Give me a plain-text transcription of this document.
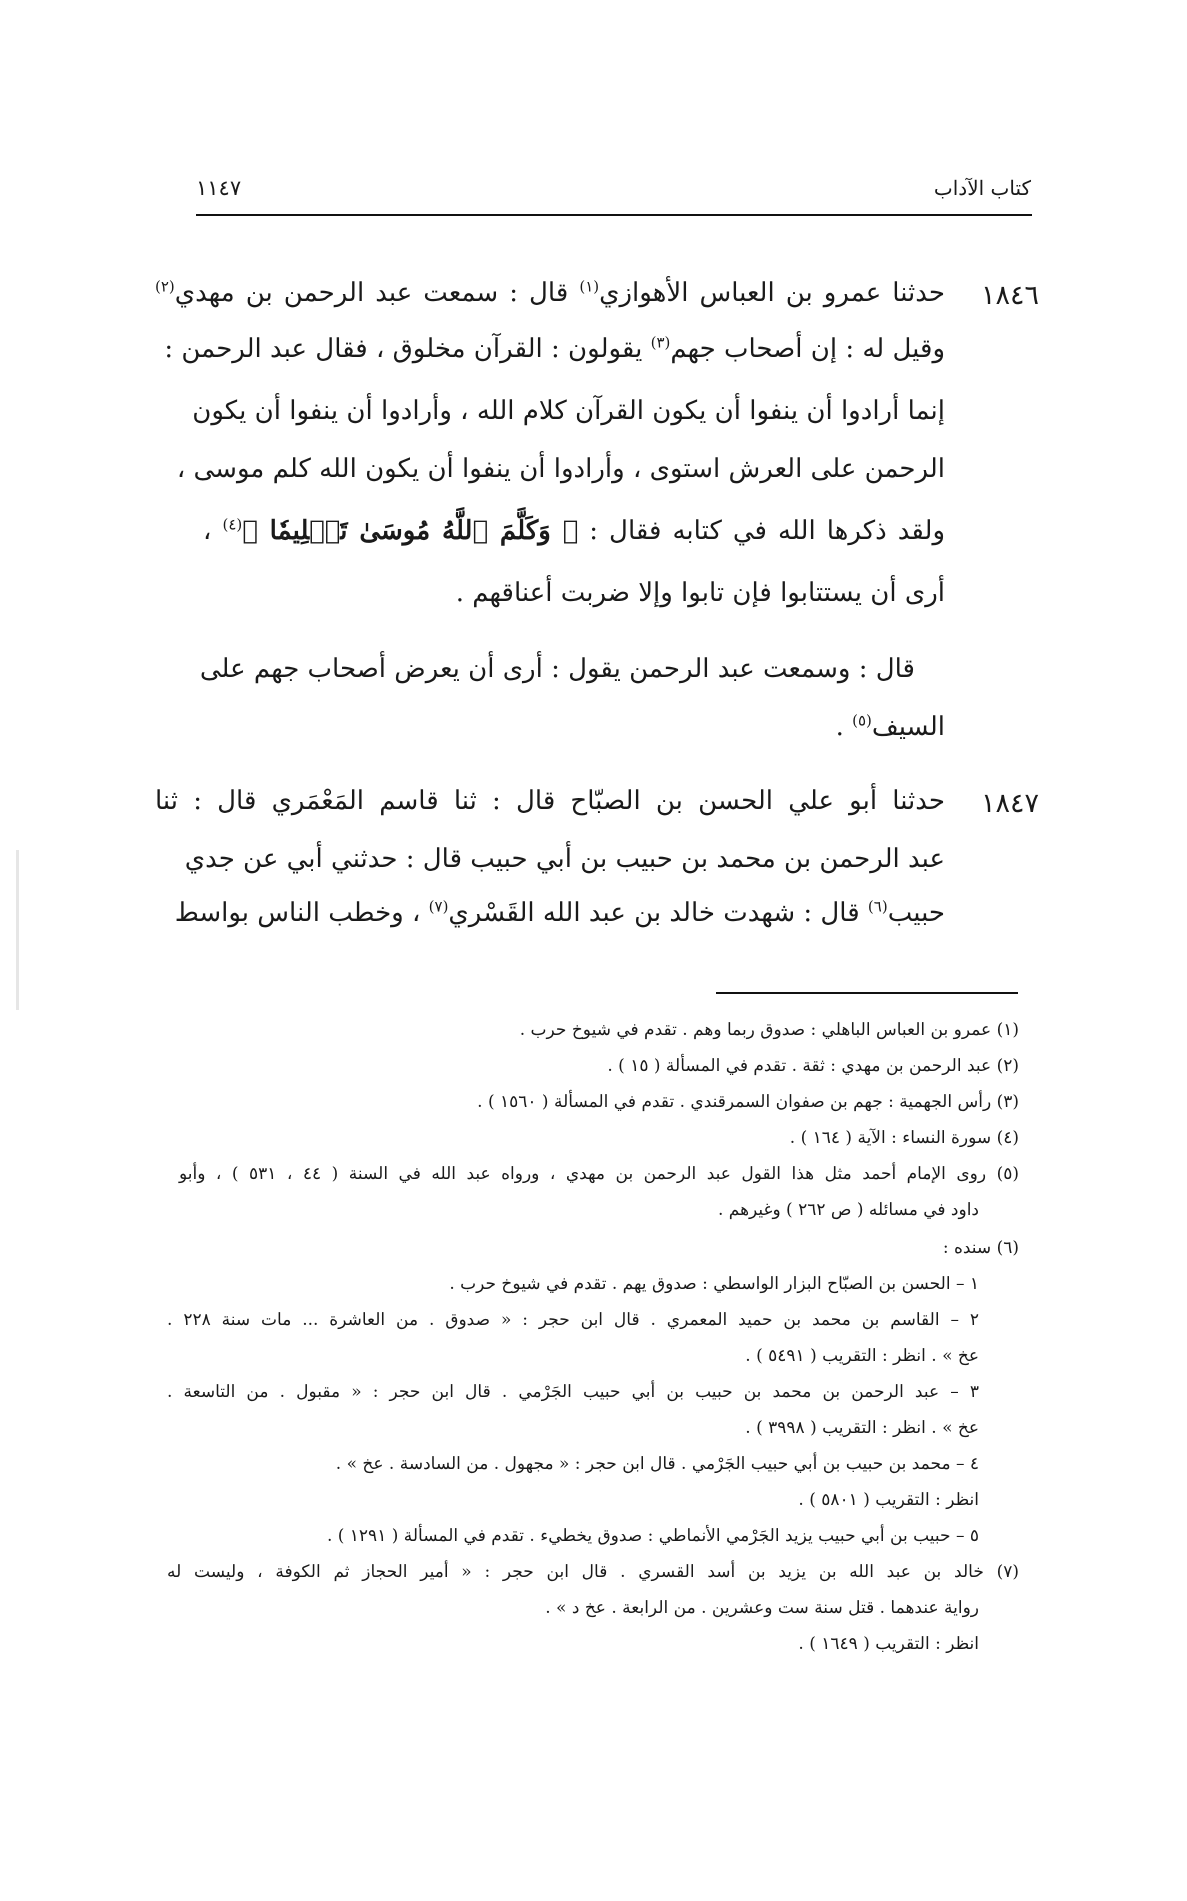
كتاب الآداب
١١٤٧
١٨٤٦
حدثنا عمرو بن العباس الأهوازي$^{(١)}$ قال : سمعت عبد الرحمن بن مهدي$^{(٢)}$
وقيل له : إن أصحاب جهم$^{(٣)}$ يقولون : القرآن مخلوق ، فقال عبد الرحمن :
إنما أرادوا أن ينفوا أن يكون القرآن كلام الله ، وأرادوا أن ينفوا أن يكون
الرحمن على العرش استوى ، وأرادوا أن ينفوا أن يكون الله كلم موسى ،
ولقد ذكرها الله في كتابه فقال : ﴿ وَكَلَّمَ ٱللَّهُ مُوسَىٰ تَكۡلِيمٗا ﴾$^{(٤)}$ ،
أرى أن يستتابوا فإن تابوا وإلا ضربت أعناقهم .
قال : وسمعت عبد الرحمن يقول : أرى أن يعرض أصحاب جهم على
السيف$^{(٥)}$ .
١٨٤٧
حدثنا أبو علي الحسن بن الصبّاح قال : ثنا قاسم المَعْمَري قال : ثنا
عبد الرحمن بن محمد بن حبيب بن أبي حبيب قال : حدثني أبي عن جدي
حبيب$^{(٦)}$ قال : شهدت خالد بن عبد الله القَسْري$^{(٧)}$ ، وخطب الناس بواسط
(١) عمرو بن العباس الباهلي : صدوق ربما وهم . تقدم في شيوخ حرب .
(٢) عبد الرحمن بن مهدي : ثقة . تقدم في المسألة ( ١٥ ) .
(٣) رأس الجهمية : جهم بن صفوان السمرقندي . تقدم في المسألة ( ١٥٦٠ ) .
(٤) سورة النساء : الآية ( ١٦٤ ) .
(٥) روى الإمام أحمد مثل هذا القول عبد الرحمن بن مهدي ، ورواه عبد الله في السنة ( ٤٤ ، ٥٣١ ) ، وأبو
داود في مسائله ( ص ٢٦٢ ) وغيرهم .
(٦) سنده :
١ – الحسن بن الصبّاح البزار الواسطي : صدوق يهم . تقدم في شيوخ حرب .
٢ – القاسم بن محمد بن حميد المعمري . قال ابن حجر : « صدوق . من العاشرة ... مات سنة ٢٢٨ .
عخ » . انظر : التقريب ( ٥٤٩١ ) .
٣ – عبد الرحمن بن محمد بن حبيب بن أبي حبيب الجَرْمي . قال ابن حجر : « مقبول . من التاسعة .
عخ » . انظر : التقريب ( ٣٩٩٨ ) .
٤ – محمد بن حبيب بن أبي حبيب الجَرْمي . قال ابن حجر : « مجهول . من السادسة . عخ » .
انظر : التقريب ( ٥٨٠١ ) .
٥ – حبيب بن أبي حبيب يزيد الجَرْمي الأنماطي : صدوق يخطيء . تقدم في المسألة ( ١٢٩١ ) .
(٧) خالد بن عبد الله بن يزيد بن أسد القسري . قال ابن حجر : « أمير الحجاز ثم الكوفة ، وليست له
رواية عندهما . قتل سنة ست وعشرين . من الرابعة . عخ د » .
انظر : التقريب ( ١٦٤٩ ) .
